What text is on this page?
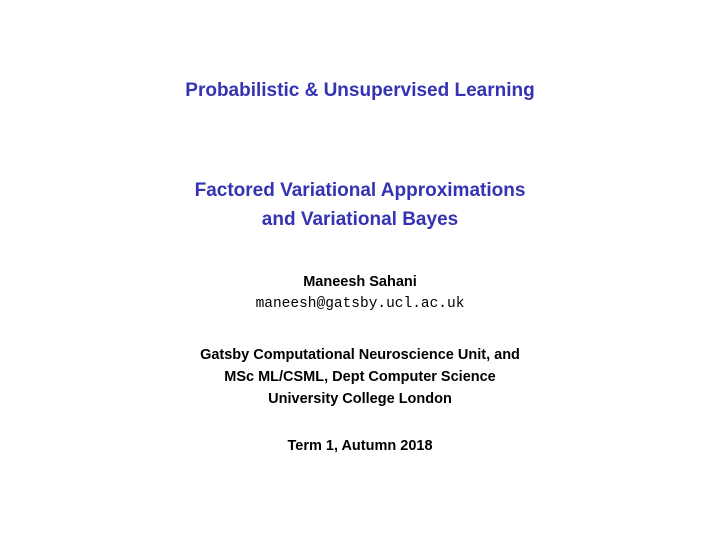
Probabilistic & Unsupervised Learning
Factored Variational Approximations
and Variational Bayes

Maneesh Sahani

maneesh@gatsby.ucl.ac.uk

Gatsby Computational Neuroscience Unit, and
MSc ML/CSML, Dept Computer Science
University College London

Term 1, Autumn 2018
